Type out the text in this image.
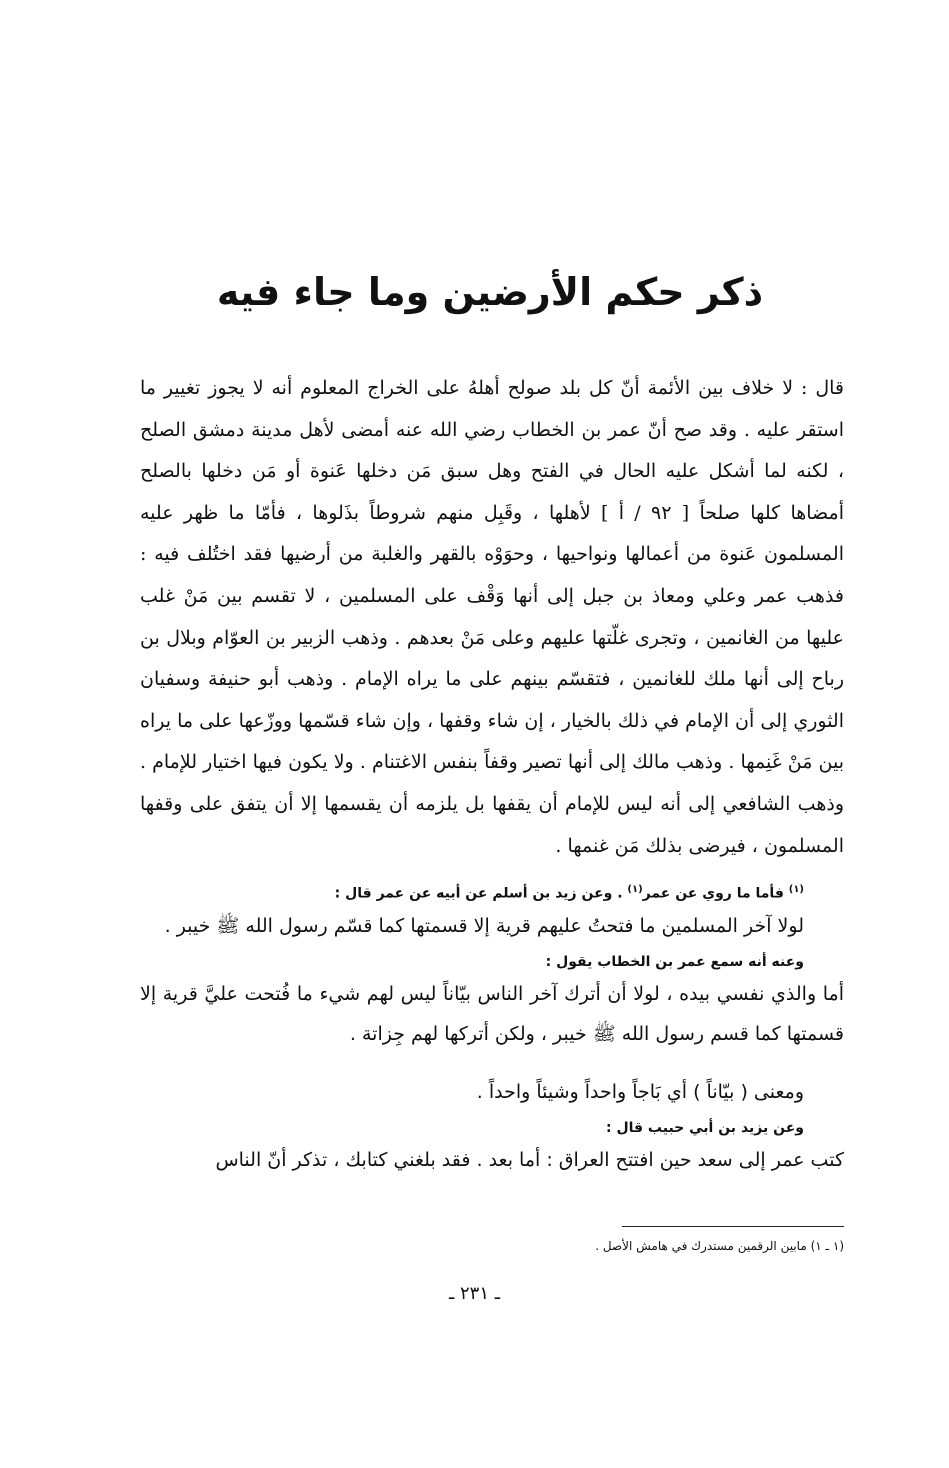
ذكر حكم الأرضين وما جاء فيه

قال : لا خلاف بين الأئمة أنّ كل بلد صولح أهلهُ على الخراج المعلوم أنه لا يجوز تغيير ما استقر عليه . وقد صح أنّ عمر بن الخطاب رضي الله عنه أمضى لأهل مدينة دمشق الصلح ، لكنه لما أشكل عليه الحال في الفتح وهل سبق مَن دخلها عَنوة أو مَن دخلها بالصلح أمضاها كلها صلحاً [ ٩٢ / أ ] لأهلها ، وقَبِل منهم شروطاً بذَلوها ، فأمّا ما ظهر عليه المسلمون عَنوة من أعمالها ونواحيها ، وحوَوْه بالقهر والغلبة من أرضيها فقد اختُلف فيه : فذهب عمر وعلي ومعاذ بن جبل إلى أنها وَقْف على المسلمين ، لا تقسم بين مَنْ غلب عليها من الغانمين ، وتجرى غلّتها عليهم وعلى مَنْ بعدهم . وذهب الزبير بن العوّام وبلال بن رباح إلى أنها ملك للغانمين ، فتقسّم بينهم على ما يراه الإمام . وذهب أبو حنيفة وسفيان الثوري إلى أن الإمام في ذلك بالخيار ، إن شاء وقفها ، وإن شاء قسّمها ووزّعها على ما يراه بين مَنْ غَنِمها . وذهب مالك إلى أنها تصير وقفاً بنفس الاغتنام . ولا يكون فيها اختيار للإمام . وذهب الشافعي إلى أنه ليس للإمام أن يقفها بل يلزمه أن يقسمها إلا أن يتفق على وقفها المسلمون ، فيرضى بذلك مَن غنمها .

$^{(١)}$ فأما ما روي عن عمر$^{(١)}$ . وعن زيد بن أسلم عن أبيه عن عمر قال :

لولا آخر المسلمين ما فتحتُ عليهم قرية إلا قسمتها كما قسّم رسول الله ﷺ خيبر .

وعنه أنه سمع عمر بن الخطاب يقول :

أما والذي نفسي بيده ، لولا أن أترك آخر الناس بيّاناً ليس لهم شيء ما فُتحت عليَّ قرية إلا قسمتها كما قسم رسول الله ﷺ خيبر ، ولكن أتركها لهم جِزاتة .

ومعنى ( بيّاناً ) أي بَاجاً واحداً وشيئاً واحداً .

وعن يزيد بن أبي حبيب قال :

كتب عمر إلى سعد حين افتتح العراق : أما بعد . فقد بلغني كتابك ، تذكر أنّ الناس

(١ ـ ١) مابين الرقمين مستدرك في هامش الأصل .

ـ ٢٣١ ـ
